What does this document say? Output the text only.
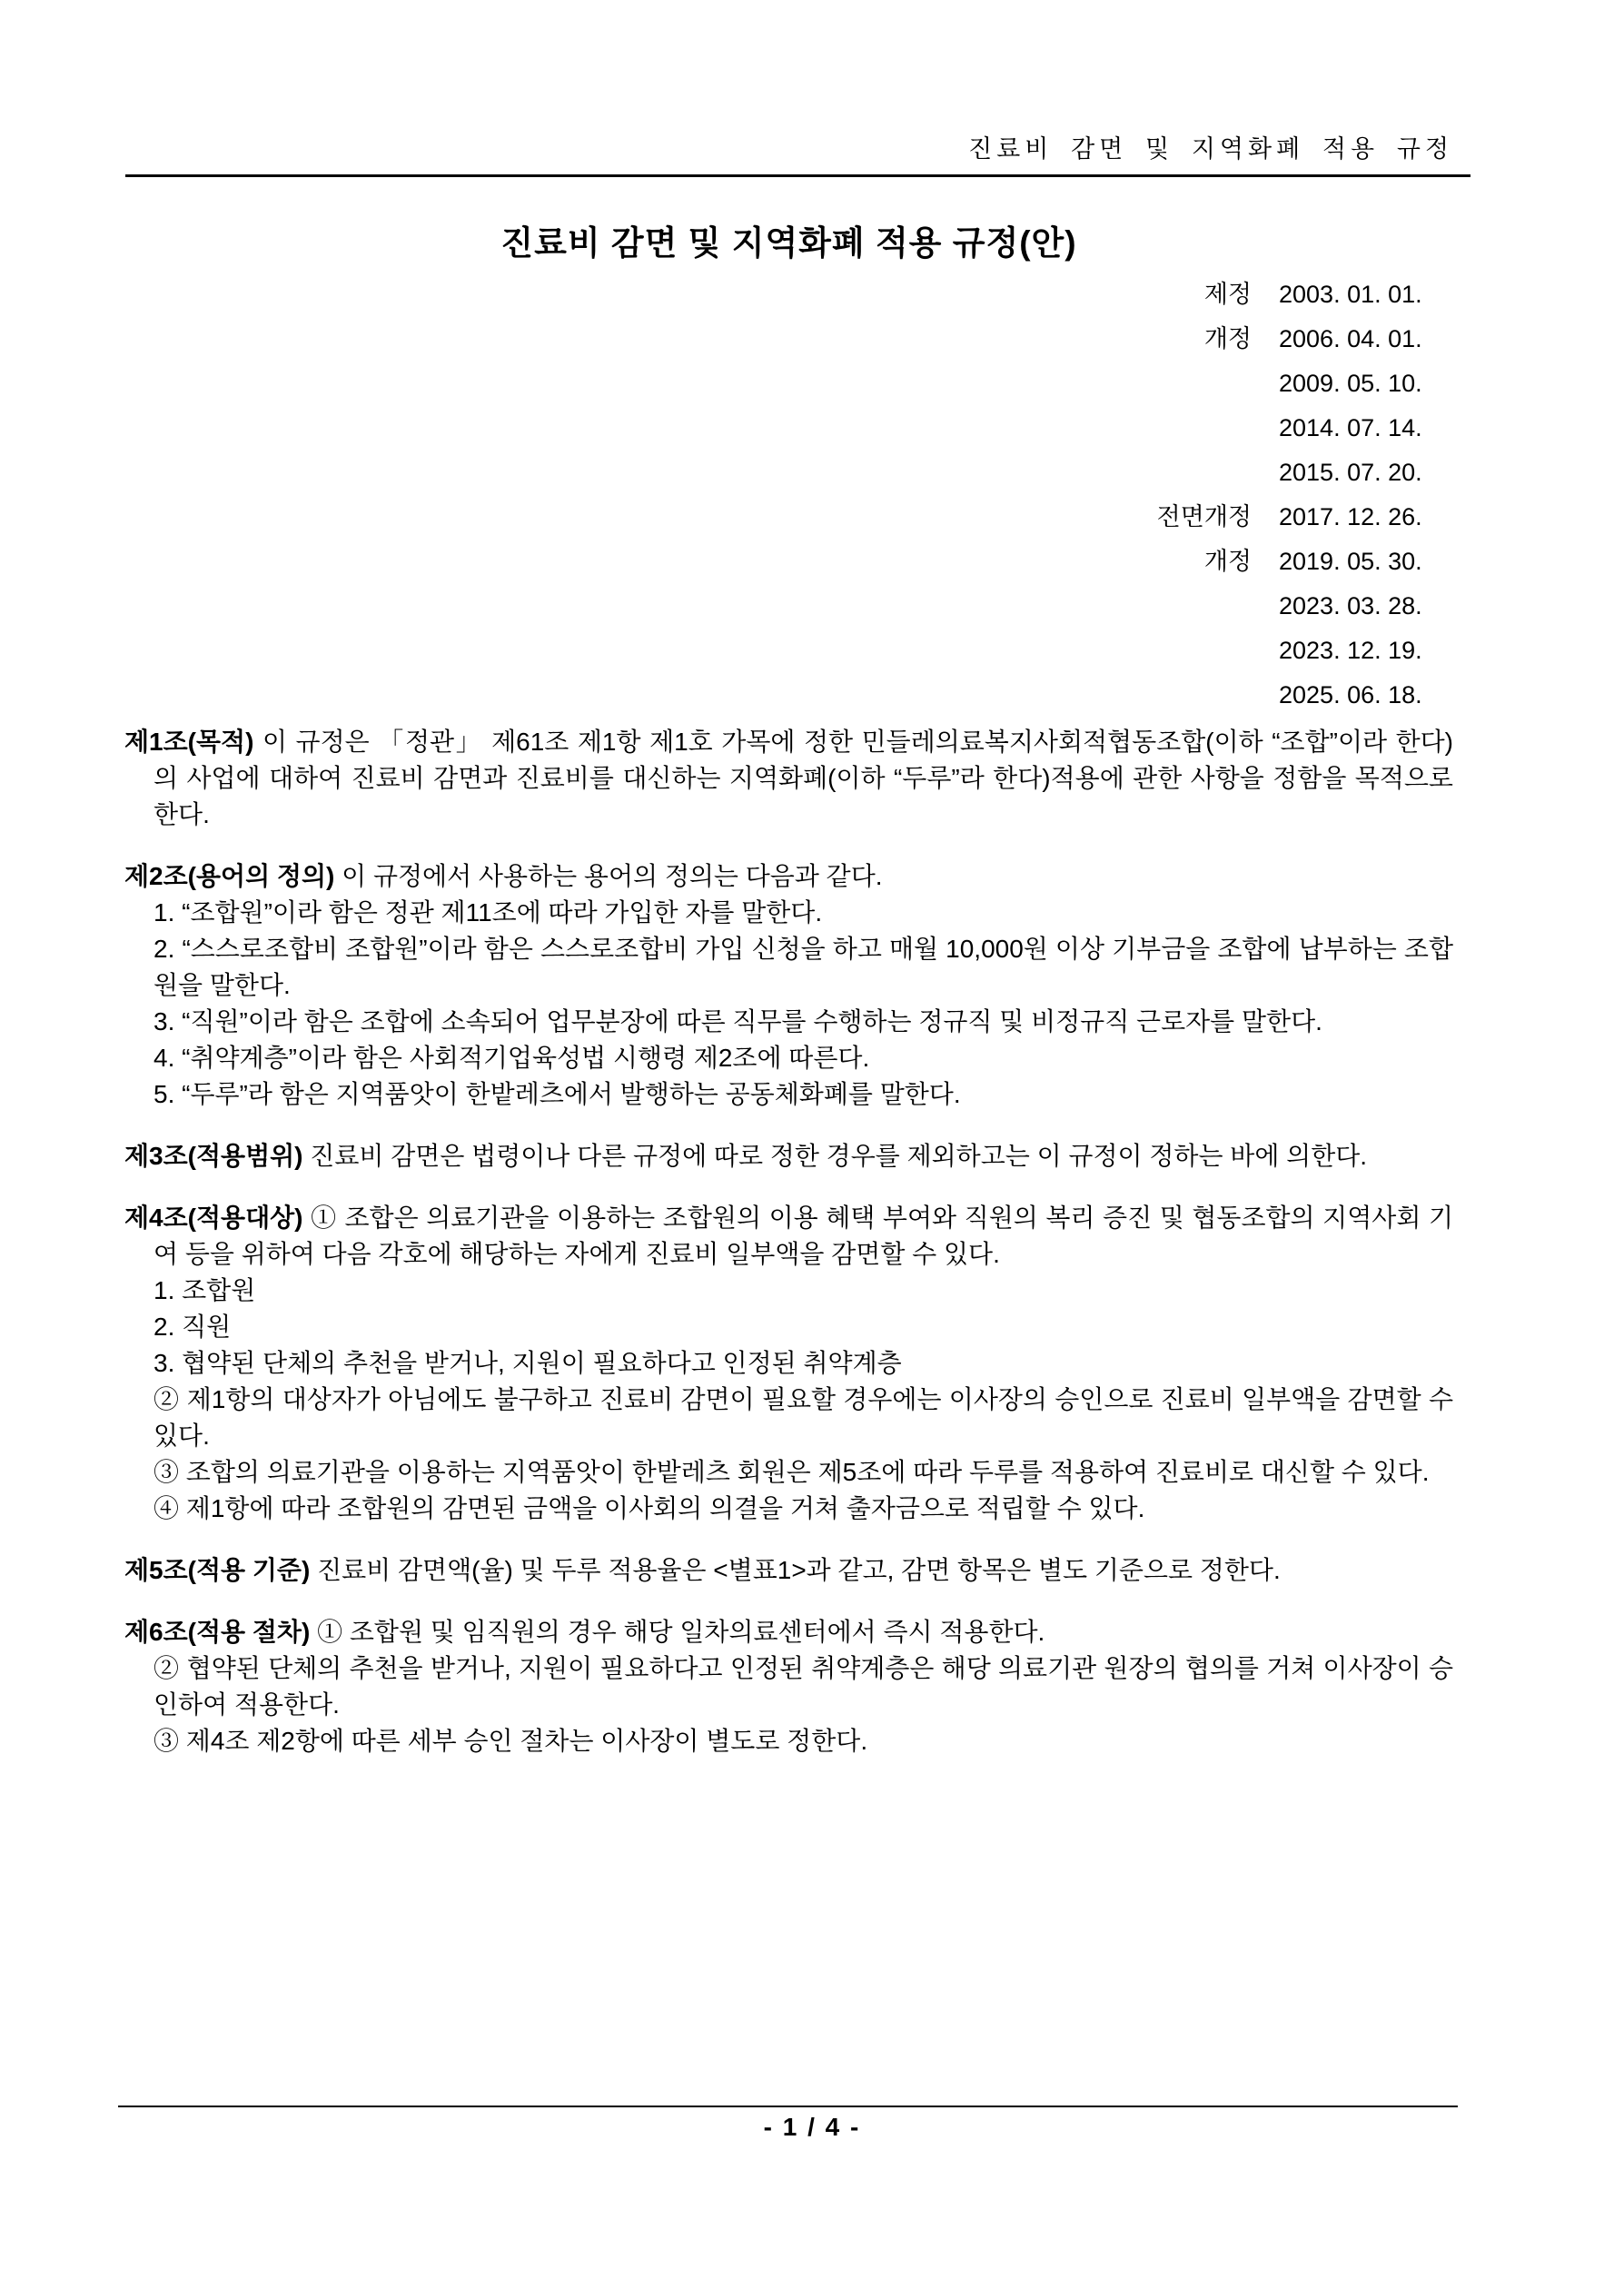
진료비 감면 및 지역화폐 적용 규정
진료비 감면 및 지역화폐 적용 규정(안)
제정 2003. 01. 01.
개정 2006. 04. 01.
2009. 05. 10.
2014. 07. 14.
2015. 07. 20.
전면개정 2017. 12. 26.
개정 2019. 05. 30.
2023. 03. 28.
2023. 12. 19.
2025. 06. 18.
제1조(목적) 이 규정은 「정관」 제61조 제1항 제1호 가목에 정한 민들레의료복지사회적협동조합(이하 “조합”이라 한다)의 사업에 대하여 진료비 감면과 진료비를 대신하는 지역화폐(이하 “두루”라 한다)적용에 관한 사항을 정함을 목적으로 한다.
제2조(용어의 정의) 이 규정에서 사용하는 용어의 정의는 다음과 같다.
1. “조합원”이라 함은 정관 제11조에 따라 가입한 자를 말한다.
2. “스스로조합비 조합원”이라 함은 스스로조합비 가입 신청을 하고 매월 10,000원 이상 기부금을 조합에 납부하는 조합원을 말한다.
3. “직원”이라 함은 조합에 소속되어 업무분장에 따른 직무를 수행하는 정규직 및 비정규직 근로자를 말한다.
4. “취약계층”이라 함은 사회적기업육성법 시행령 제2조에 따른다.
5. “두루”라 함은 지역품앗이 한밭레츠에서 발행하는 공동체화폐를 말한다.
제3조(적용범위) 진료비 감면은 법령이나 다른 규정에 따로 정한 경우를 제외하고는 이 규정이 정하는 바에 의한다.
제4조(적용대상) ① 조합은 의료기관을 이용하는 조합원의 이용 혜택 부여와 직원의 복리 증진 및 협동조합의 지역사회 기여 등을 위하여 다음 각호에 해당하는 자에게 진료비 일부액을 감면할 수 있다.
1. 조합원
2. 직원
3. 협약된 단체의 추천을 받거나, 지원이 필요하다고 인정된 취약계층
② 제1항의 대상자가 아님에도 불구하고 진료비 감면이 필요할 경우에는 이사장의 승인으로 진료비 일부액을 감면할 수 있다.
③ 조합의 의료기관을 이용하는 지역품앗이 한밭레츠 회원은 제5조에 따라 두루를 적용하여 진료비로 대신할 수 있다.
④ 제1항에 따라 조합원의 감면된 금액을 이사회의 의결을 거쳐 출자금으로 적립할 수 있다.
제5조(적용 기준) 진료비 감면액(율) 및 두루 적용율은 <별표1>과 같고, 감면 항목은 별도 기준으로 정한다.
제6조(적용 절차) ① 조합원 및 임직원의 경우 해당 일차의료센터에서 즉시 적용한다.
② 협약된 단체의 추천을 받거나, 지원이 필요하다고 인정된 취약계층은 해당 의료기관 원장의 협의를 거쳐 이사장이 승인하여 적용한다.
③ 제4조 제2항에 따른 세부 승인 절차는 이사장이 별도로 정한다.
- 1 / 4 -
